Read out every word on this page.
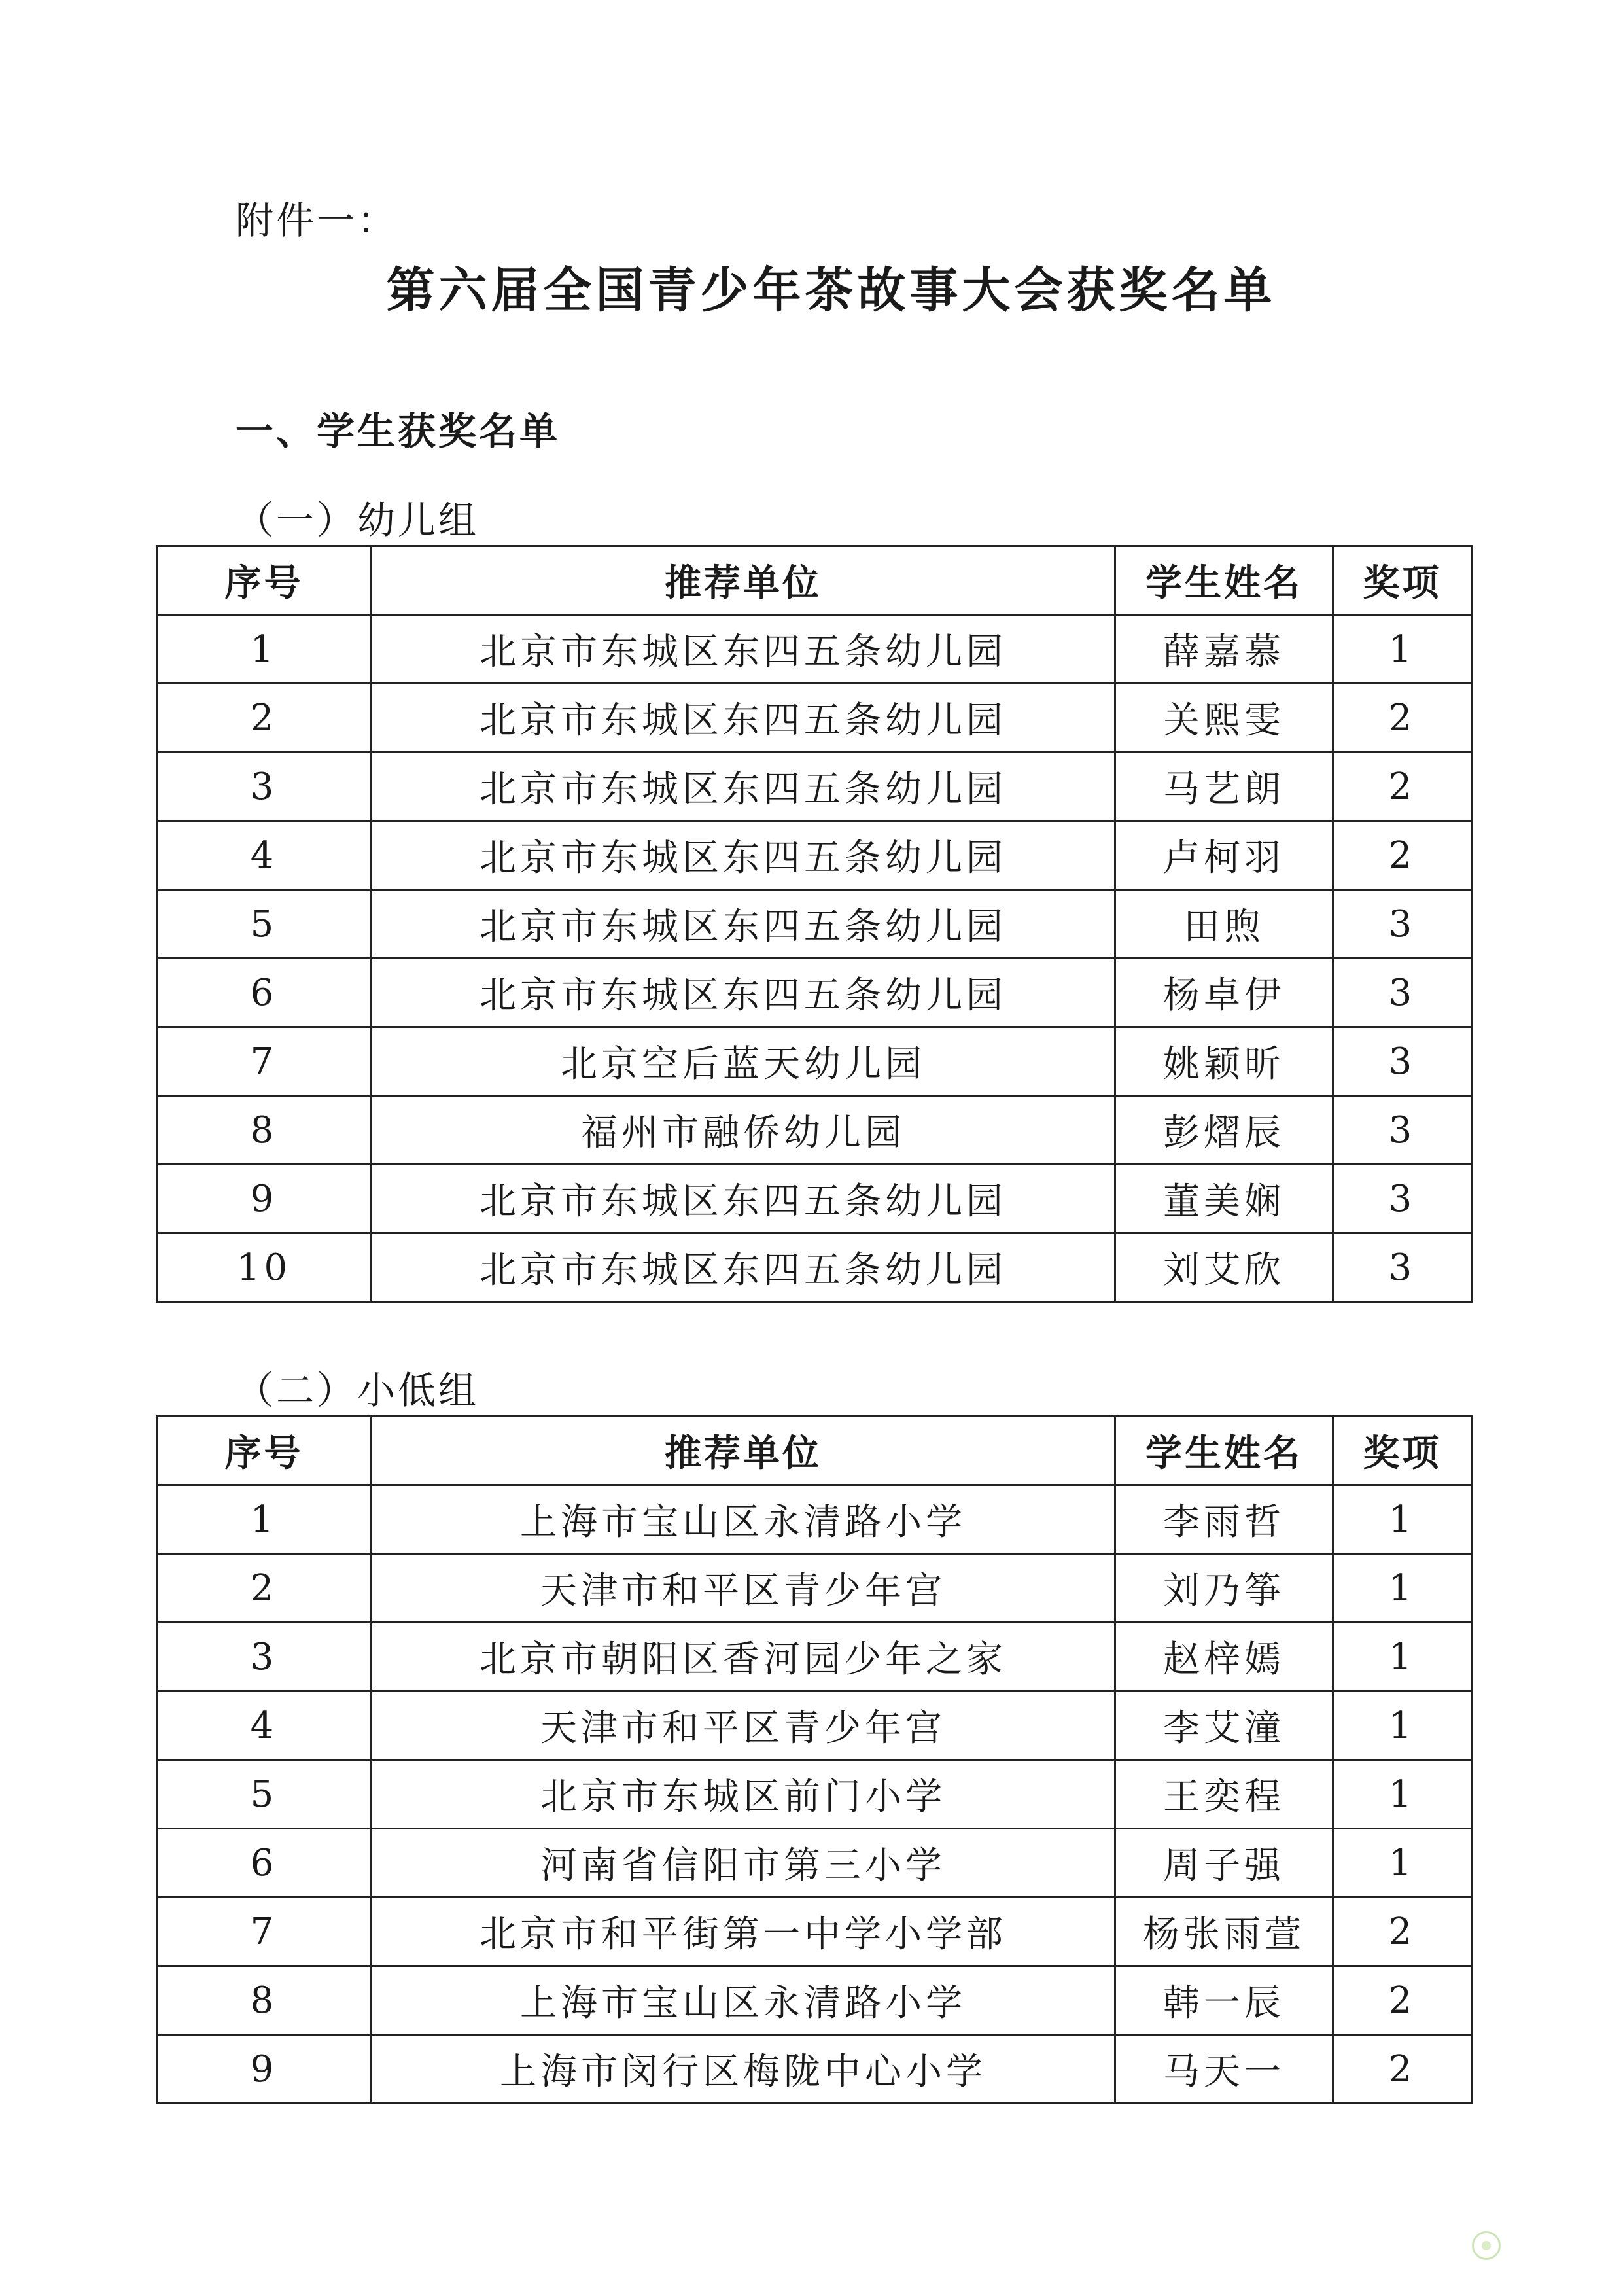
附件一：
第六届全国青少年茶故事大会获奖名单
一、学生获奖名单
（一）幼儿组
序号	推荐单位	学生姓名	奖项
1	北京市东城区东四五条幼儿园	薛嘉慕	1
2	北京市东城区东四五条幼儿园	关熙雯	2
3	北京市东城区东四五条幼儿园	马艺朗	2
4	北京市东城区东四五条幼儿园	卢柯羽	2
5	北京市东城区东四五条幼儿园	田煦	3
6	北京市东城区东四五条幼儿园	杨卓伊	3
7	北京空后蓝天幼儿园	姚颖昕	3
8	福州市融侨幼儿园	彭熠辰	3
9	北京市东城区东四五条幼儿园	董美娴	3
10	北京市东城区东四五条幼儿园	刘艾欣	3
（二）小低组
序号	推荐单位	学生姓名	奖项
1	上海市宝山区永清路小学	李雨哲	1
2	天津市和平区青少年宫	刘乃筝	1
3	北京市朝阳区香河园少年之家	赵梓嫣	1
4	天津市和平区青少年宫	李艾潼	1
5	北京市东城区前门小学	王奕程	1
6	河南省信阳市第三小学	周子强	1
7	北京市和平街第一中学小学部	杨张雨萱	2
8	上海市宝山区永清路小学	韩一辰	2
9	上海市闵行区梅陇中心小学	马天一	2
